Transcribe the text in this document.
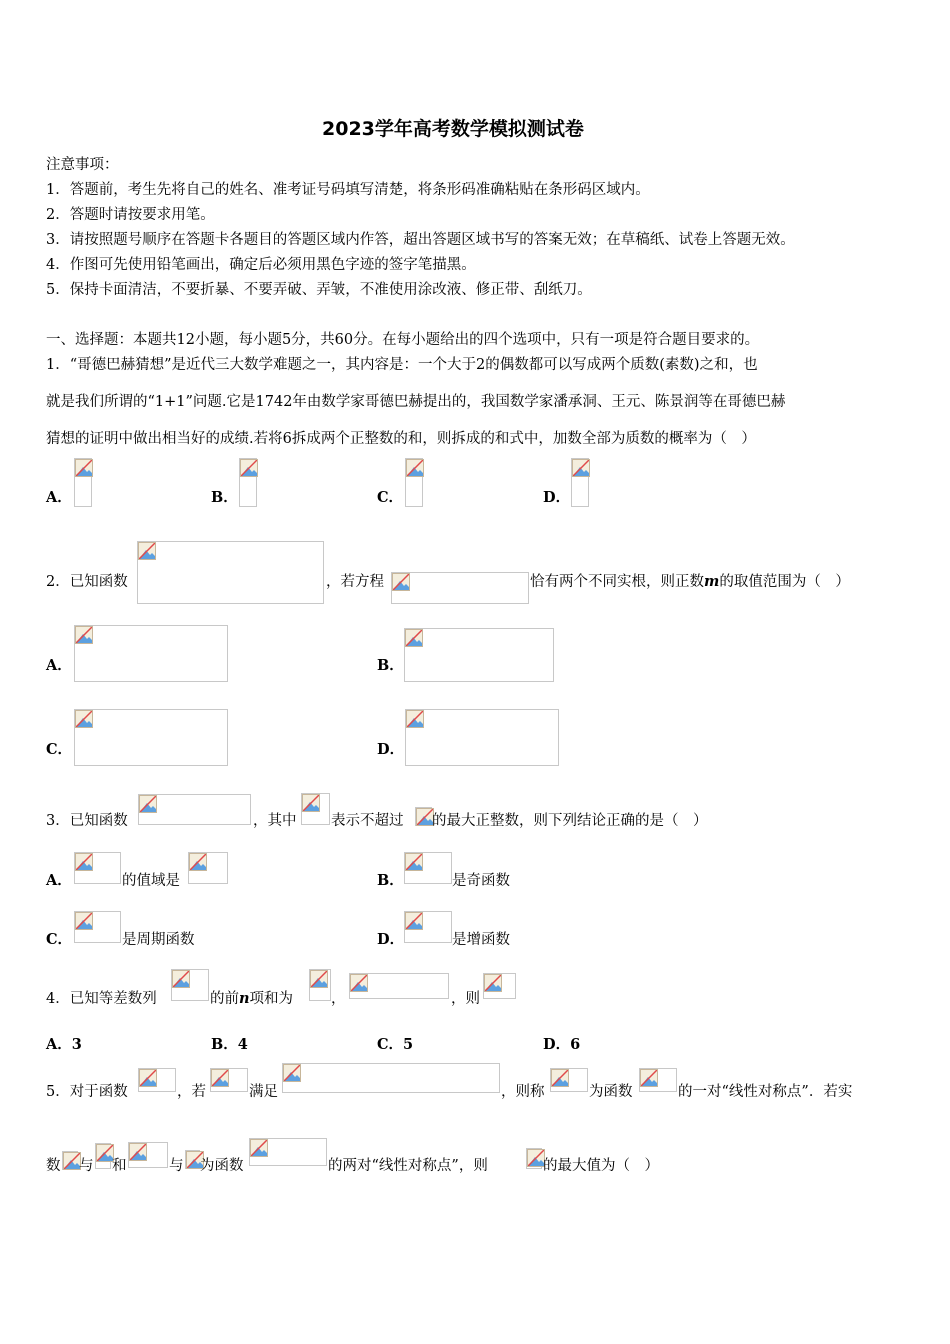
2023学年高考数学模拟测试卷
注意事项：
1．答题前，考生先将自己的姓名、准考证号码填写清楚，将条形码准确粘贴在条形码区域内。
2．答题时请按要求用笔。
3．请按照题号顺序在答题卡各题目的答题区域内作答，超出答题区域书写的答案无效；在草稿纸、试卷上答题无效。
4．作图可先使用铅笔画出，确定后必须用黑色字迹的签字笔描黑。
5．保持卡面清洁，不要折暴、不要弄破、弄皱，不准使用涂改液、修正带、刮纸刀。
一、选择题：本题共12小题，每小题5分，共60分。在每小题给出的四个选项中，只有一项是符合题目要求的。
1．“哥德巴赫猜想”是近代三大数学难题之一，其内容是：一个大于2的偶数都可以写成两个质数(素数)之和，也
就是我们所谓的“1+1”问题.它是1742年由数学家哥德巴赫提出的，我国数学家潘承洞、王元、陈景润等在哥德巴赫
猜想的证明中做出相当好的成绩.若将6拆成两个正整数的和，则拆成的和式中，加数全部为质数的概率为（　）
A．	B．	C．	D．
2．已知函数	，若方程	恰有两个不同实根，则正数m的取值范围为（　）
A．	B．
C．	D．
3．已知函数	，其中 表示不超过 的最大正整数，则下列结论正确的是（　）
A．	的值域是	B．	是奇函数
C．	是周期函数	D．	是增函数
4．已知等差数列	的前n项和为	，	，则
A．3	B．4	C．5	D．6
5．对于函数	，若	满足	，则称	为函数	的一对“线性对称点”．若实
数 与 和	与 为函数	的两对“线性对称点”，则	的最大值为（　）
